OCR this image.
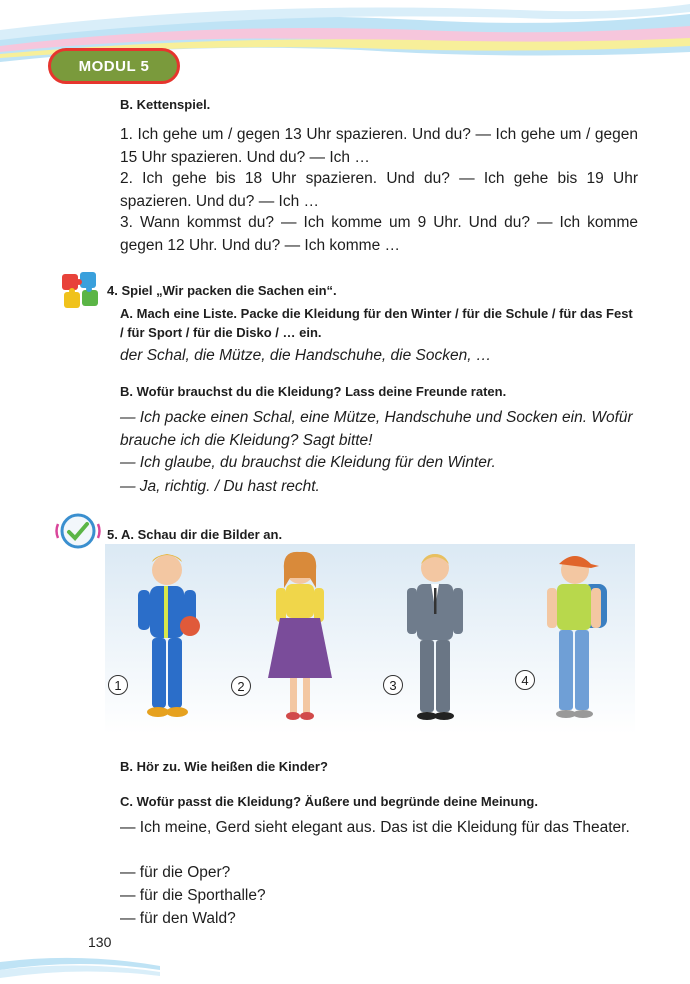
MODUL 5
B. Kettenspiel.
1. Ich gehe um / gegen 13 Uhr spazieren. Und du? — Ich gehe um / gegen 15 Uhr spazieren. Und du? — Ich …
2. Ich gehe bis 18 Uhr spazieren. Und du? — Ich gehe bis 19 Uhr spazieren. Und du? — Ich …
3. Wann kommst du? — Ich komme um 9 Uhr. Und du? — Ich komme gegen 12 Uhr. Und du? — Ich komme …
4. Spiel „Wir packen die Sachen ein“.
A. Mach eine Liste. Packe die Kleidung für den Winter / für die Schule / für das Fest / für Sport / für die Disko / … ein.
der Schal, die Mütze, die Handschuhe, die Socken, …
B. Wofür brauchst du die Kleidung? Lass deine Freunde raten.
— Ich packe einen Schal, eine Mütze, Handschuhe und Socken ein. Wofür brauche ich die Kleidung? Sagt bitte!
— Ich glaube, du brauchst die Kleidung für den Winter.
— Ja, richtig. / Du hast recht.
5. A. Schau dir die Bilder an.
1	2	3	4
B. Hör zu. Wie heißen die Kinder?
C. Wofür passt die Kleidung? Äußere und begründe deine Meinung.
— Ich meine, Gerd sieht elegant aus. Das ist die Kleidung für das Theater.
— für die Oper?
— für die Sporthalle?
— für den Wald?
130
